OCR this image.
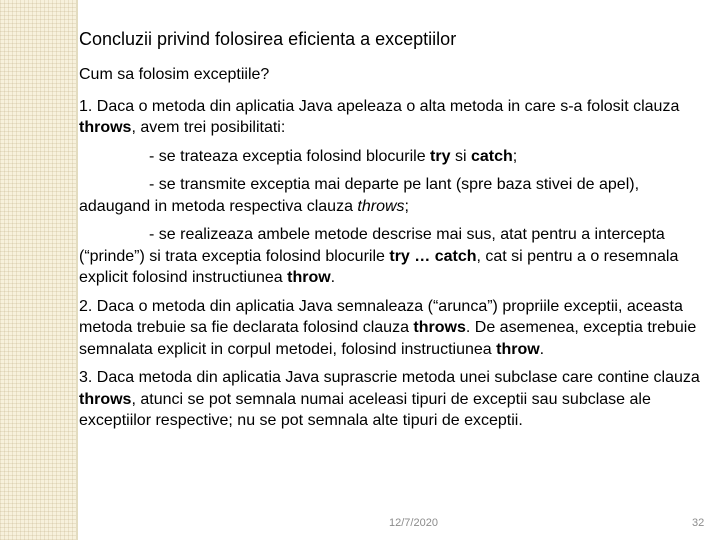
Concluzii privind folosirea eficienta a exceptiilor

Cum sa folosim exceptiile?

1. Daca o metoda din aplicatia Java apeleaza o alta metoda in care s-a folosit clauza throws, avem trei posibilitati:

- se trateaza exceptia folosind blocurile try si catch;

- se transmite exceptia mai departe pe lant (spre baza stivei de apel), adaugand in metoda respectiva clauza throws;

- se realizeaza ambele metode descrise mai sus, atat pentru a intercepta (“prinde”) si trata exceptia folosind blocurile try … catch, cat si pentru a o resemnala explicit folosind instructiunea throw.

2. Daca o metoda din aplicatia Java semnaleaza (“arunca”) propriile exceptii, aceasta metoda trebuie sa fie declarata folosind clauza throws. De asemenea, exceptia trebuie semnalata explicit in corpul metodei, folosind instructiunea throw.

3. Daca metoda din aplicatia Java suprascrie metoda unei subclase care contine clauza throws, atunci se pot semnala numai aceleasi tipuri de exceptii sau subclase ale exceptiilor respective; nu se pot semnala alte tipuri de exceptii.

12/7/2020	32
